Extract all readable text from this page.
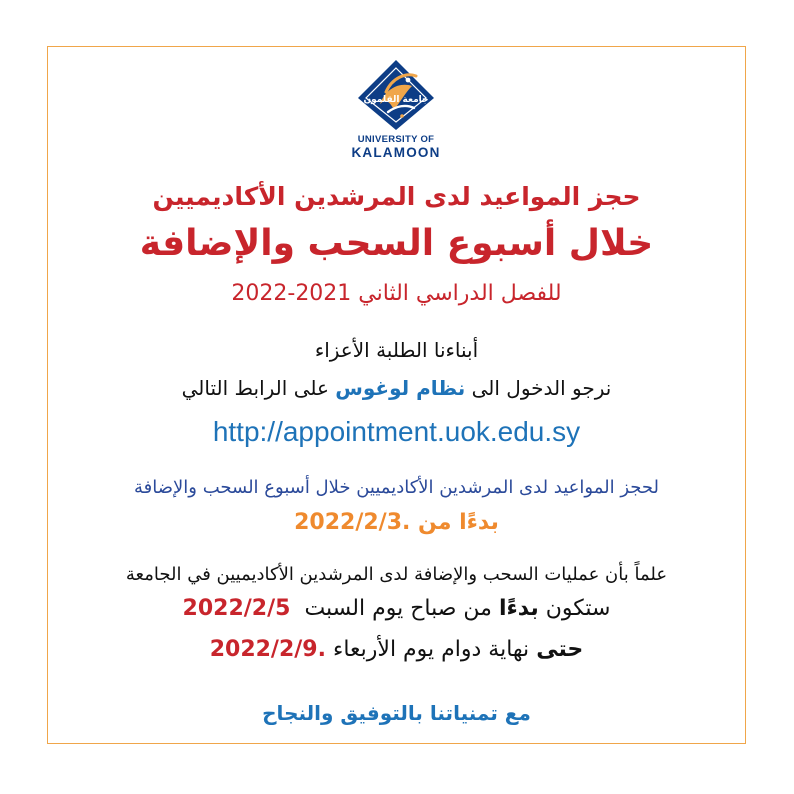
جامعة القلمون
UNIVERSITY OF
KALAMOON
حجز المواعيد لدى المرشدين الأكاديميين
خلال أسبوع السحب والإضافة
للفصل الدراسي الثاني 2021-2022
أبناءنا الطلبة الأعزاء
نرجو الدخول الى نظام لوغوس على الرابط التالي
http://appointment.uok.edu.sy
لحجز المواعيد لدى المرشدين الأكاديميين خلال أسبوع السحب والإضافة
بدءًا من 2022/2/3.
علماً بأن عمليات السحب والإضافة لدى المرشدين الأكاديميين في الجامعة
ستكون بدءًا من صباح يوم السبت  2022/2/5
حتى نهاية دوام يوم الأربعاء 2022/2/9.
مع تمنياتنا بالتوفيق والنجاح
